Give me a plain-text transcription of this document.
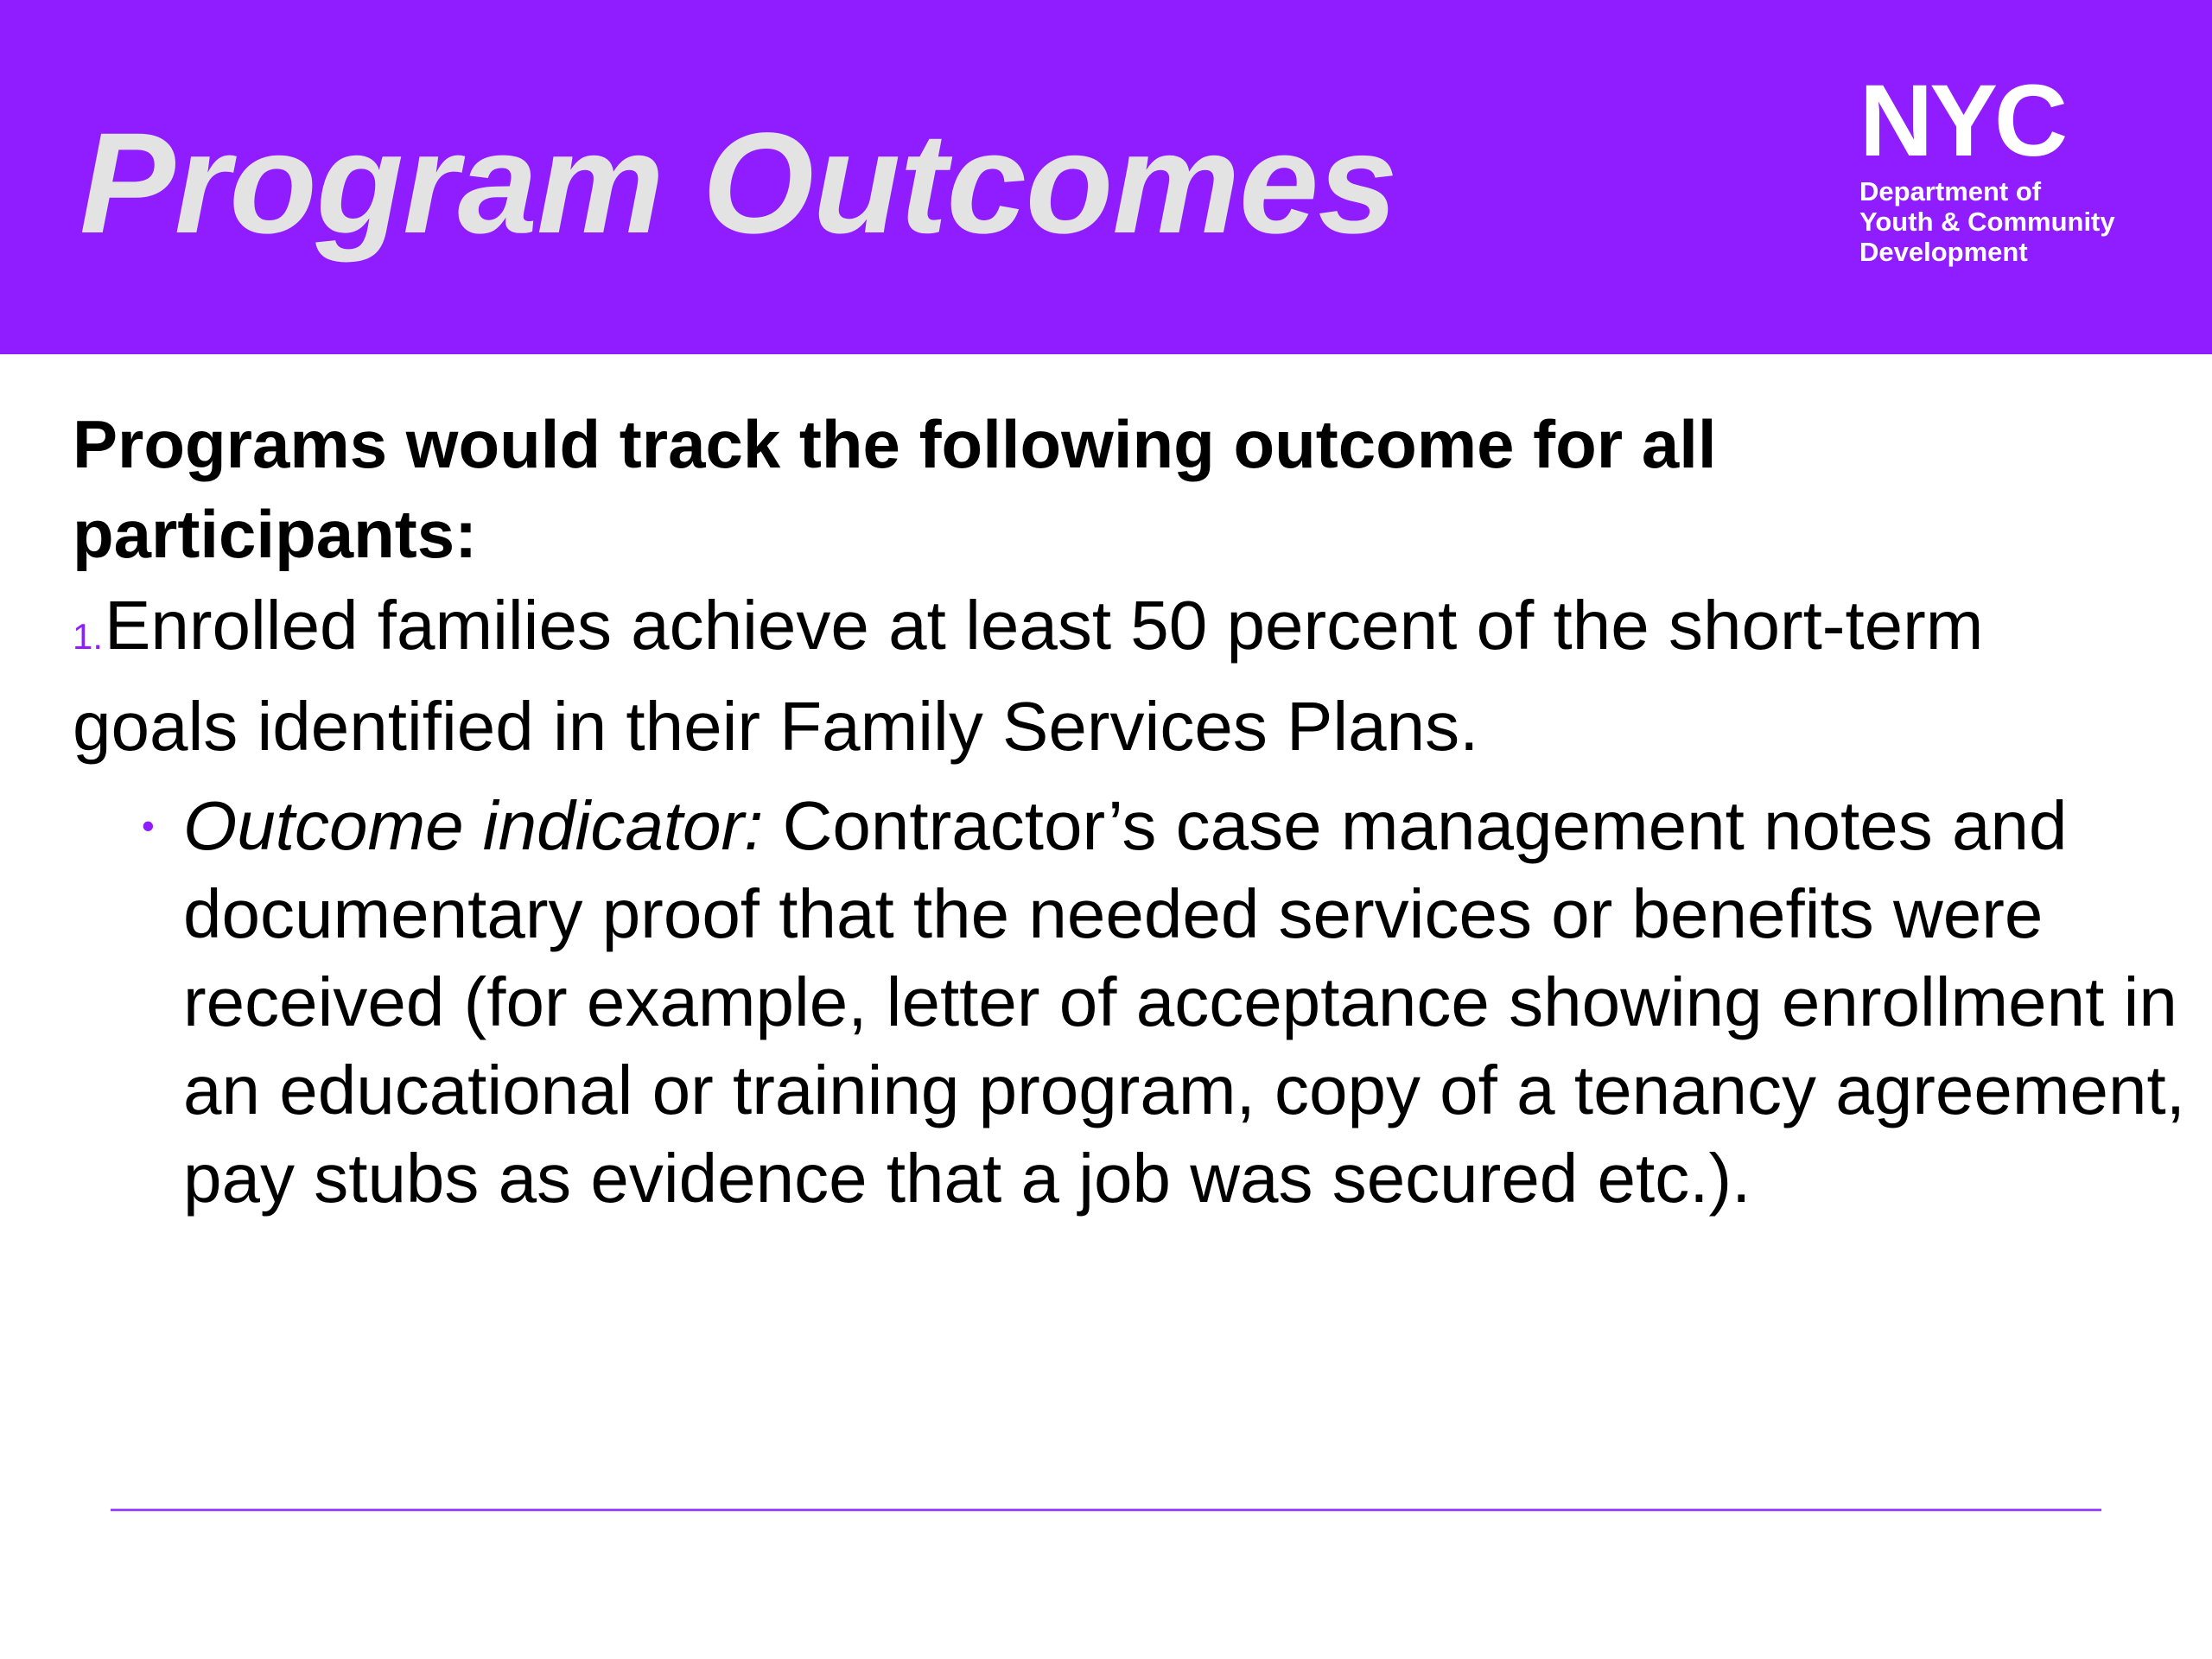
Program Outcomes	NYC
Department of
Youth & Community
Development

Programs would track the following outcome for all participants:

1.Enrolled families achieve at least 50 percent of the short-term goals identified in their Family Services Plans.
• Outcome indicator: Contractor’s case management notes and documentary proof that the needed services or benefits were received (for example, letter of acceptance showing enrollment in an educational or training program, copy of a tenancy agreement, pay stubs as evidence that a job was secured etc.).
